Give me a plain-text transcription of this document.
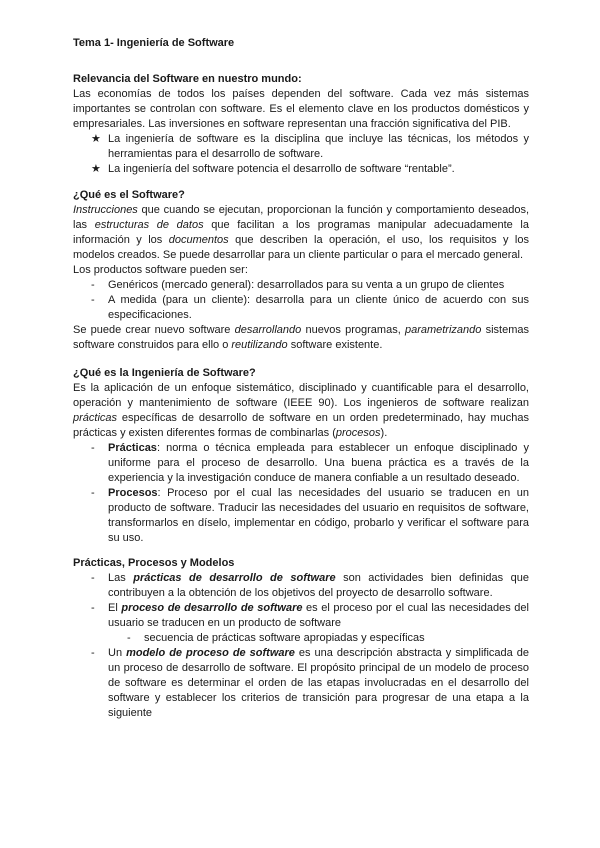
Tema 1- Ingeniería de Software

Relevancia del Software en nuestro mundo:

Las economías de todos los países dependen del software. Cada vez más sistemas importantes se controlan con software. Es el elemento clave en los productos domésticos y empresariales. Las inversiones en software representan una fracción significativa del PIB.

★ La ingeniería de software es la disciplina que incluye las técnicas, los métodos y herramientas para el desarrollo de software.
★ La ingeniería del software potencia el desarrollo de software “rentable”.

¿Qué es el Software?

Instrucciones que cuando se ejecutan, proporcionan la función y comportamiento deseados, las estructuras de datos que facilitan a los programas manipular adecuadamente la información y los documentos que describen la operación, el uso, los requisitos y los modelos creados. Se puede desarrollar para un cliente particular o para el mercado general.

Los productos software pueden ser:

- Genéricos (mercado general): desarrollados para su venta a un grupo de clientes
- A medida (para un cliente): desarrolla para un cliente único de acuerdo con sus especificaciones.

Se puede crear nuevo software desarrollando nuevos programas, parametrizando sistemas software construidos para ello o reutilizando software existente.

¿Qué es la Ingeniería de Software?

Es la aplicación de un enfoque sistemático, disciplinado y cuantificable para el desarrollo, operación y mantenimiento de software (IEEE 90). Los ingenieros de software realizan prácticas específicas de desarrollo de software en un orden predeterminado, hay muchas prácticas y existen diferentes formas de combinarlas (procesos).

- Prácticas: norma o técnica empleada para establecer un enfoque disciplinado y uniforme para el proceso de desarrollo. Una buena práctica es a través de la experiencia y la investigación conduce de manera confiable a un resultado deseado.
- Procesos: Proceso por el cual las necesidades del usuario se traducen en un producto de software. Traducir las necesidades del usuario en requisitos de software, transformarlos en díselo, implementar en código, probarlo y verificar el software para su uso.

Prácticas, Procesos y Modelos

- Las prácticas de desarrollo de software son actividades bien definidas que contribuyen a la obtención de los objetivos del proyecto de desarrollo software.
- El proceso de desarrollo de software es el proceso por el cual las necesidades del usuario se traducen en un producto de software
- secuencia de prácticas software apropiadas y específicas
- Un modelo de proceso de software es una descripción abstracta y simplificada de un proceso de desarrollo de software. El propósito principal de un modelo de proceso de software es determinar el orden de las etapas involucradas en el desarrollo del software y establecer los criterios de transición para progresar de una etapa a la siguiente
